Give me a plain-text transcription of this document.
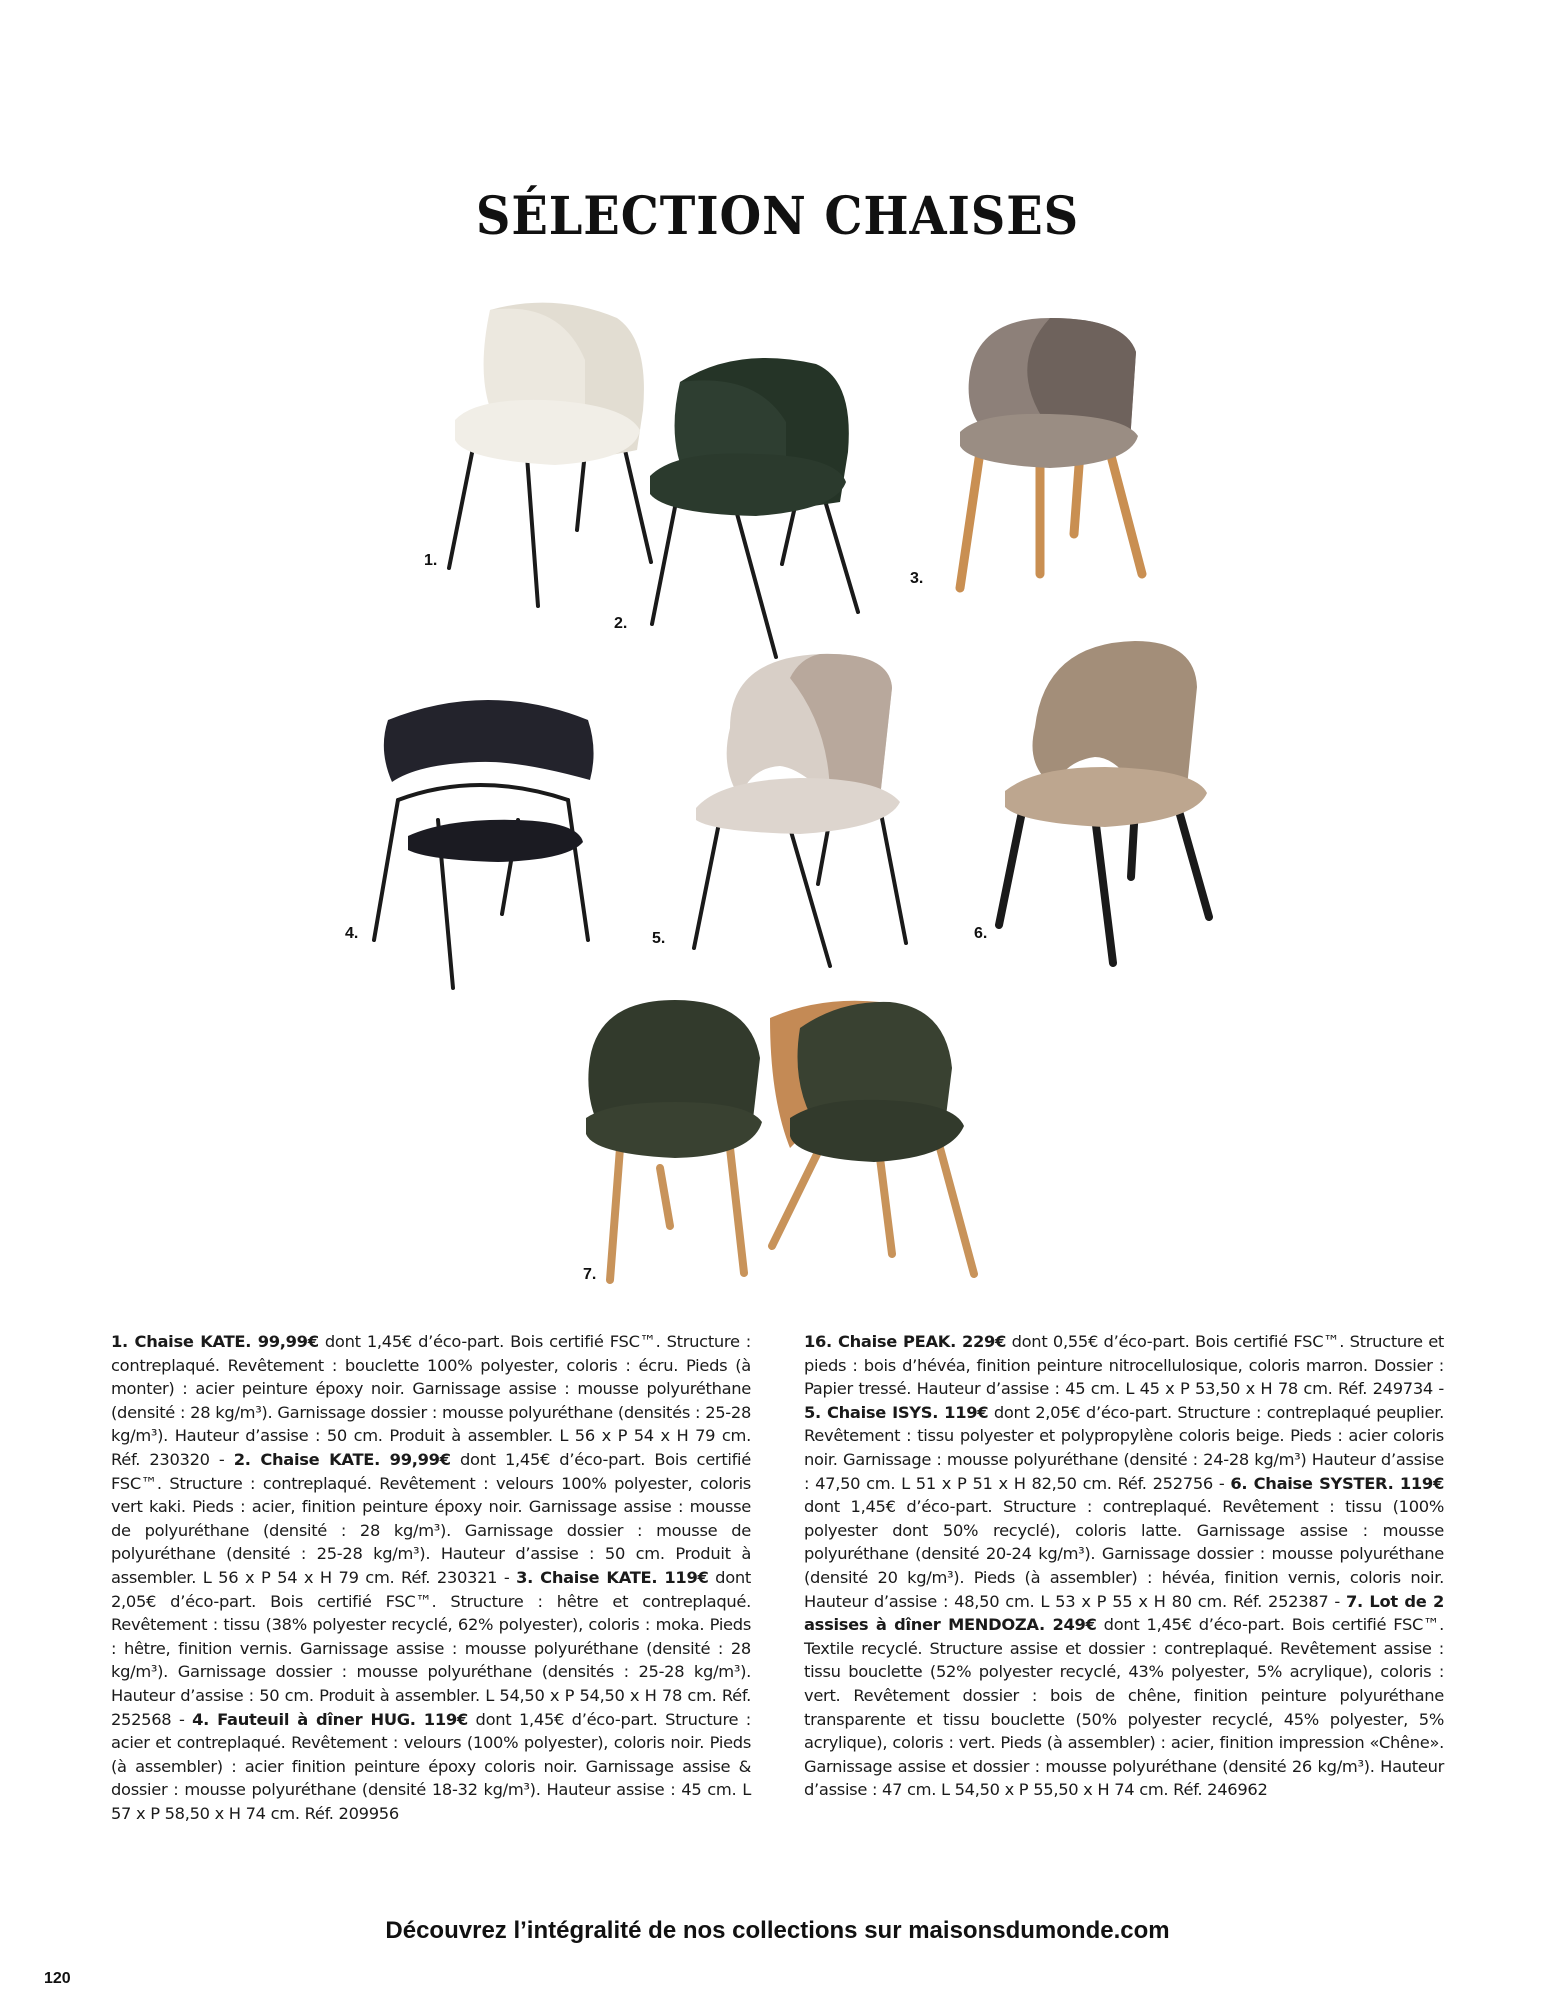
SÉLECTION CHAISES
1.
2.
3.
4.	5.	6.
7.
1. Chaise KATE. 99,99€ dont 1,45€ d’éco-part. Bois certifié FSC™. Structure : contreplaqué. Revêtement : bouclette 100% polyester, coloris : écru. Pieds (à monter) : acier peinture époxy noir. Garnissage assise : mousse polyuréthane (densité : 28 kg/m³). Garnissage dossier : mousse polyuréthane (densités : 25-28 kg/m³). Hauteur d’assise : 50 cm. Produit à assembler. L 56 x P 54 x H 79 cm. Réf. 230320 - 2. Chaise KATE. 99,99€ dont 1,45€ d’éco-part. Bois certifié FSC™. Structure : contreplaqué. Revêtement : velours 100% polyester, coloris vert kaki. Pieds : acier, finition peinture époxy noir. Garnissage assise : mousse de polyuréthane (densité : 28 kg/m³). Garnissage dossier : mousse de polyuréthane (densité : 25-28 kg/m³). Hauteur d’assise : 50 cm. Produit à assembler. L 56 x P 54 x H 79 cm. Réf. 230321 - 3. Chaise KATE. 119€ dont 2,05€ d’éco-part. Bois certifié FSC™. Structure : hêtre et contreplaqué. Revêtement : tissu (38% polyester recyclé, 62% polyester), coloris : moka. Pieds : hêtre, finition vernis. Garnissage assise : mousse polyuréthane (densité : 28 kg/m³). Garnissage dossier : mousse polyuréthane (densités : 25-28 kg/m³). Hauteur d’assise : 50 cm. Produit à assembler. L 54,50 x P 54,50 x H 78 cm. Réf. 252568 - 4. Fauteuil à dîner HUG. 119€ dont 1,45€ d’éco-part. Structure : acier et contreplaqué. Revêtement : velours (100% polyester), coloris noir. Pieds (à assembler) : acier finition peinture époxy coloris noir. Garnissage assise & dossier : mousse polyuréthane (densité 18-32 kg/m³). Hauteur assise : 45 cm. L 57 x P 58,50 x H 74 cm. Réf. 209956
16. Chaise PEAK. 229€ dont 0,55€ d’éco-part. Bois certifié FSC™. Structure et pieds : bois d’hévéa, finition peinture nitrocellulosique, coloris marron. Dossier : Papier tressé. Hauteur d’assise : 45 cm. L 45 x P 53,50 x H 78 cm. Réf. 249734 - 5. Chaise ISYS. 119€ dont 2,05€ d’éco-part. Structure : contreplaqué peuplier. Revêtement : tissu polyester et polypropylène coloris beige. Pieds : acier coloris noir. Garnissage : mousse polyuréthane (densité : 24-28 kg/m³) Hauteur d’assise : 47,50 cm. L 51 x P 51 x H 82,50 cm. Réf. 252756 - 6. Chaise SYSTER. 119€ dont 1,45€ d’éco-part. Structure : contreplaqué. Revêtement : tissu (100% polyester dont 50% recyclé), coloris latte. Garnissage assise : mousse polyuréthane (densité 20-24 kg/m³). Garnissage dossier : mousse polyuréthane (densité 20 kg/m³). Pieds (à assembler) : hévéa, finition vernis, coloris noir. Hauteur d’assise : 48,50 cm. L 53 x P 55 x H 80 cm. Réf. 252387 - 7. Lot de 2 assises à dîner MENDOZA. 249€ dont 1,45€ d’éco-part. Bois certifié FSC™. Textile recyclé. Structure assise et dossier : contreplaqué. Revêtement assise : tissu bouclette (52% polyester recyclé, 43% polyester, 5% acrylique), coloris : vert. Revêtement dossier : bois de chêne, finition peinture polyuréthane transparente et tissu bouclette (50% polyester recyclé, 45% polyester, 5% acrylique), coloris : vert. Pieds (à assembler) : acier, finition impression «Chêne». Garnissage assise et dossier : mousse polyuréthane (densité 26 kg/m³). Hauteur d’assise : 47 cm. L 54,50 x P 55,50 x H 74 cm. Réf. 246962
Découvrez l’intégralité de nos collections sur maisonsdumonde.com
120
